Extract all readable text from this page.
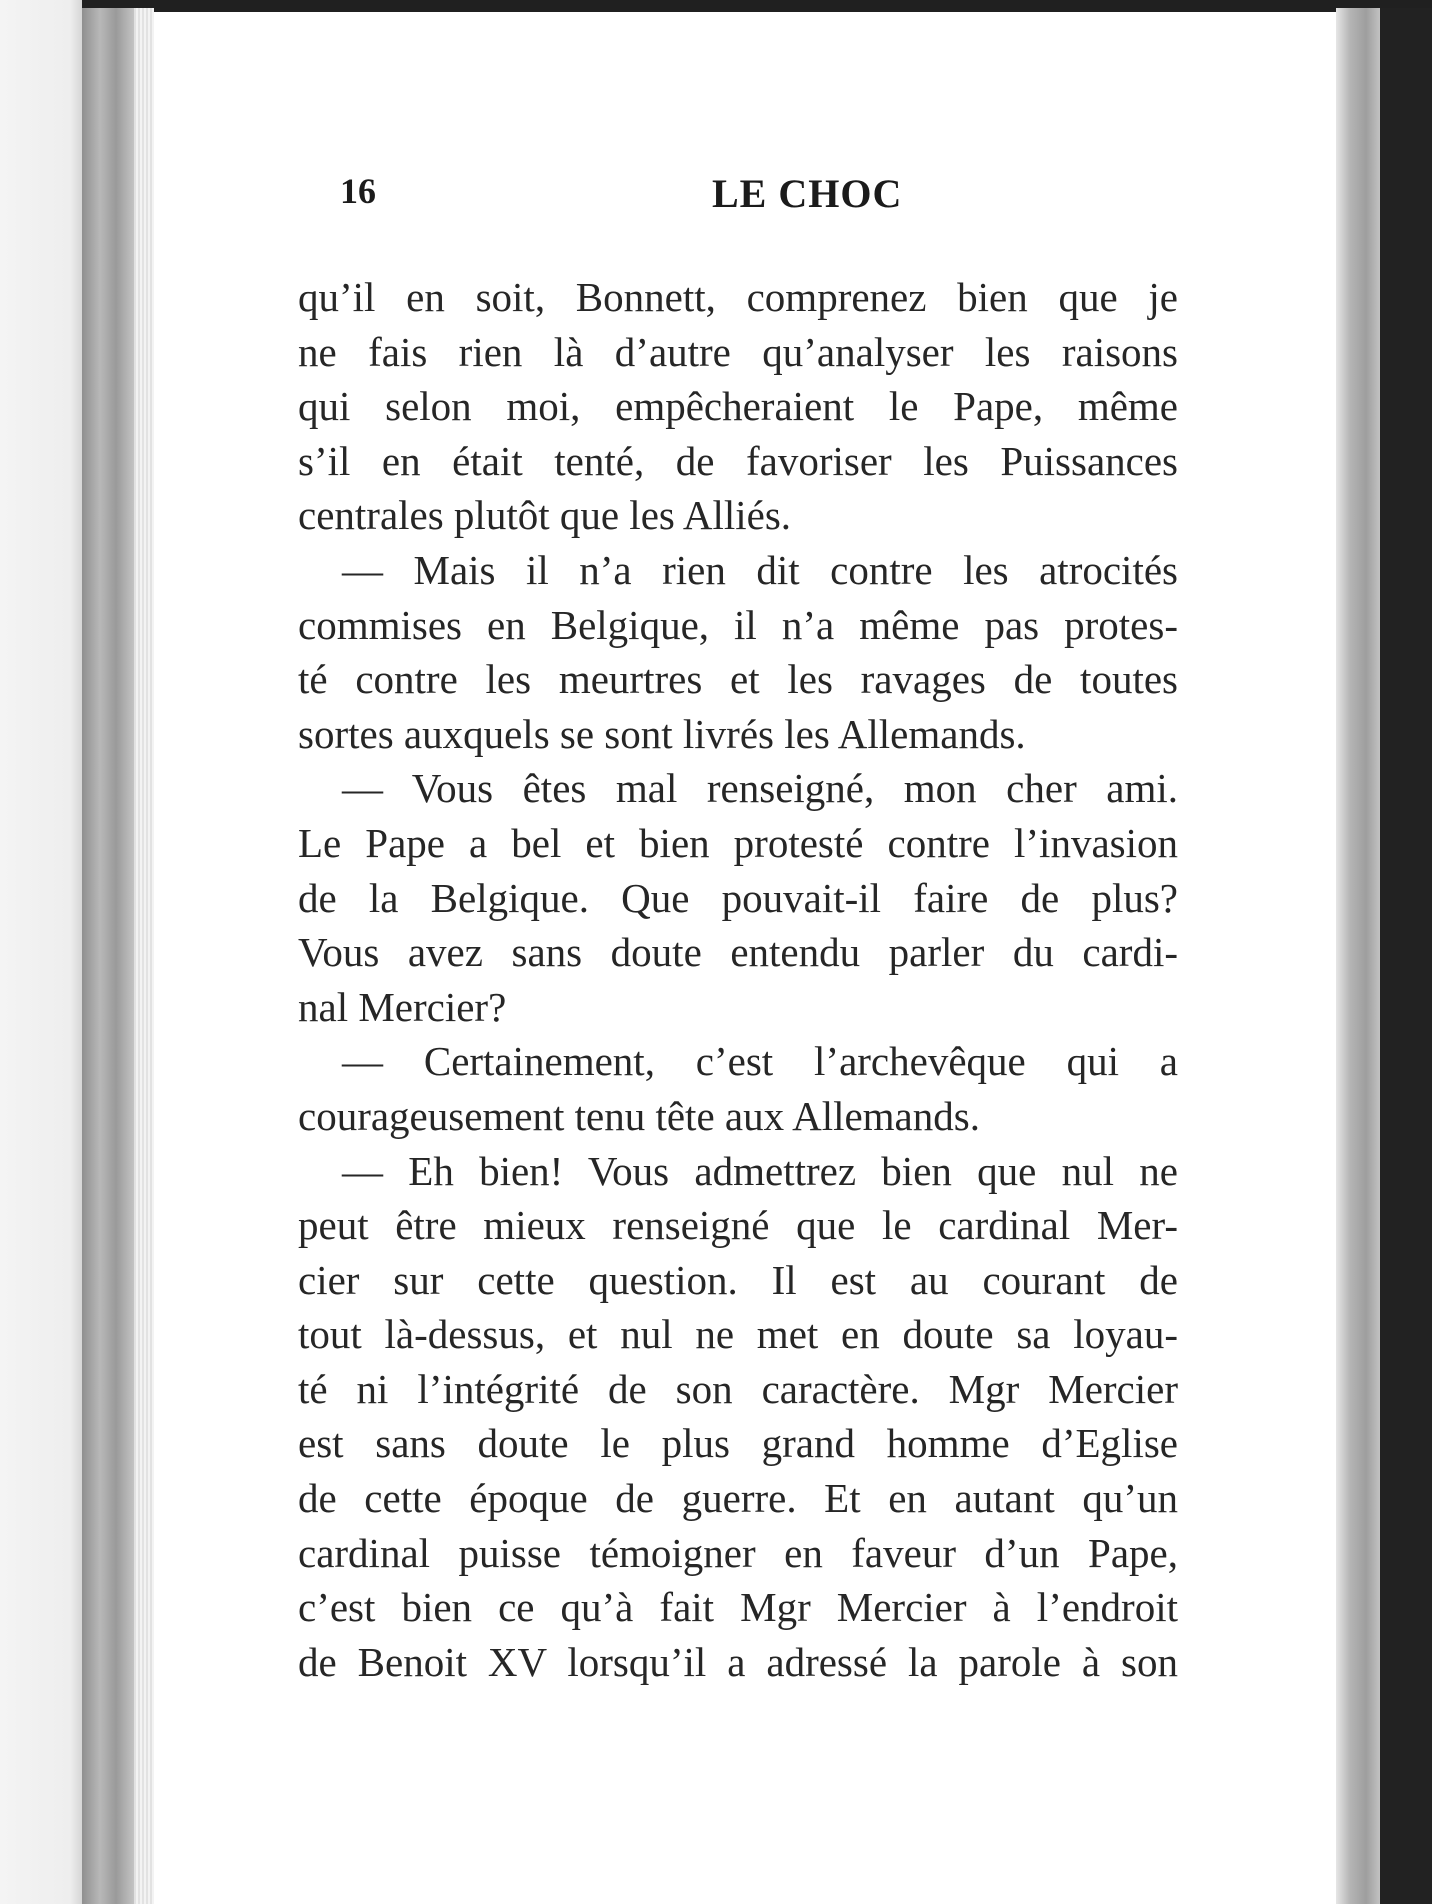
16	LE CHOC
qu’il en soit, Bonnett, comprenez bien que je
ne fais rien là d’autre qu’analyser les raisons
qui selon moi, empêcheraient le Pape, même
s’il en était tenté, de favoriser les Puissances
centrales plutôt que les Alliés.
— Mais il n’a rien dit contre les atrocités
commises en Belgique, il n’a même pas protes-
té contre les meurtres et les ravages de toutes
sortes auxquels se sont livrés les Allemands.
— Vous êtes mal renseigné, mon cher ami.
Le Pape a bel et bien protesté contre l’invasion
de la Belgique. Que pouvait-il faire de plus?
Vous avez sans doute entendu parler du cardi-
nal Mercier?
— Certainement, c’est l’archevêque qui a
courageusement tenu tête aux Allemands.
— Eh bien! Vous admettrez bien que nul ne
peut être mieux renseigné que le cardinal Mer-
cier sur cette question. Il est au courant de
tout là-dessus, et nul ne met en doute sa loyau-
té ni l’intégrité de son caractère. Mgr Mercier
est sans doute le plus grand homme d’Eglise
de cette époque de guerre. Et en autant qu’un
cardinal puisse témoigner en faveur d’un Pape,
c’est bien ce qu’à fait Mgr Mercier à l’endroit
de Benoit XV lorsqu’il a adressé la parole à son
